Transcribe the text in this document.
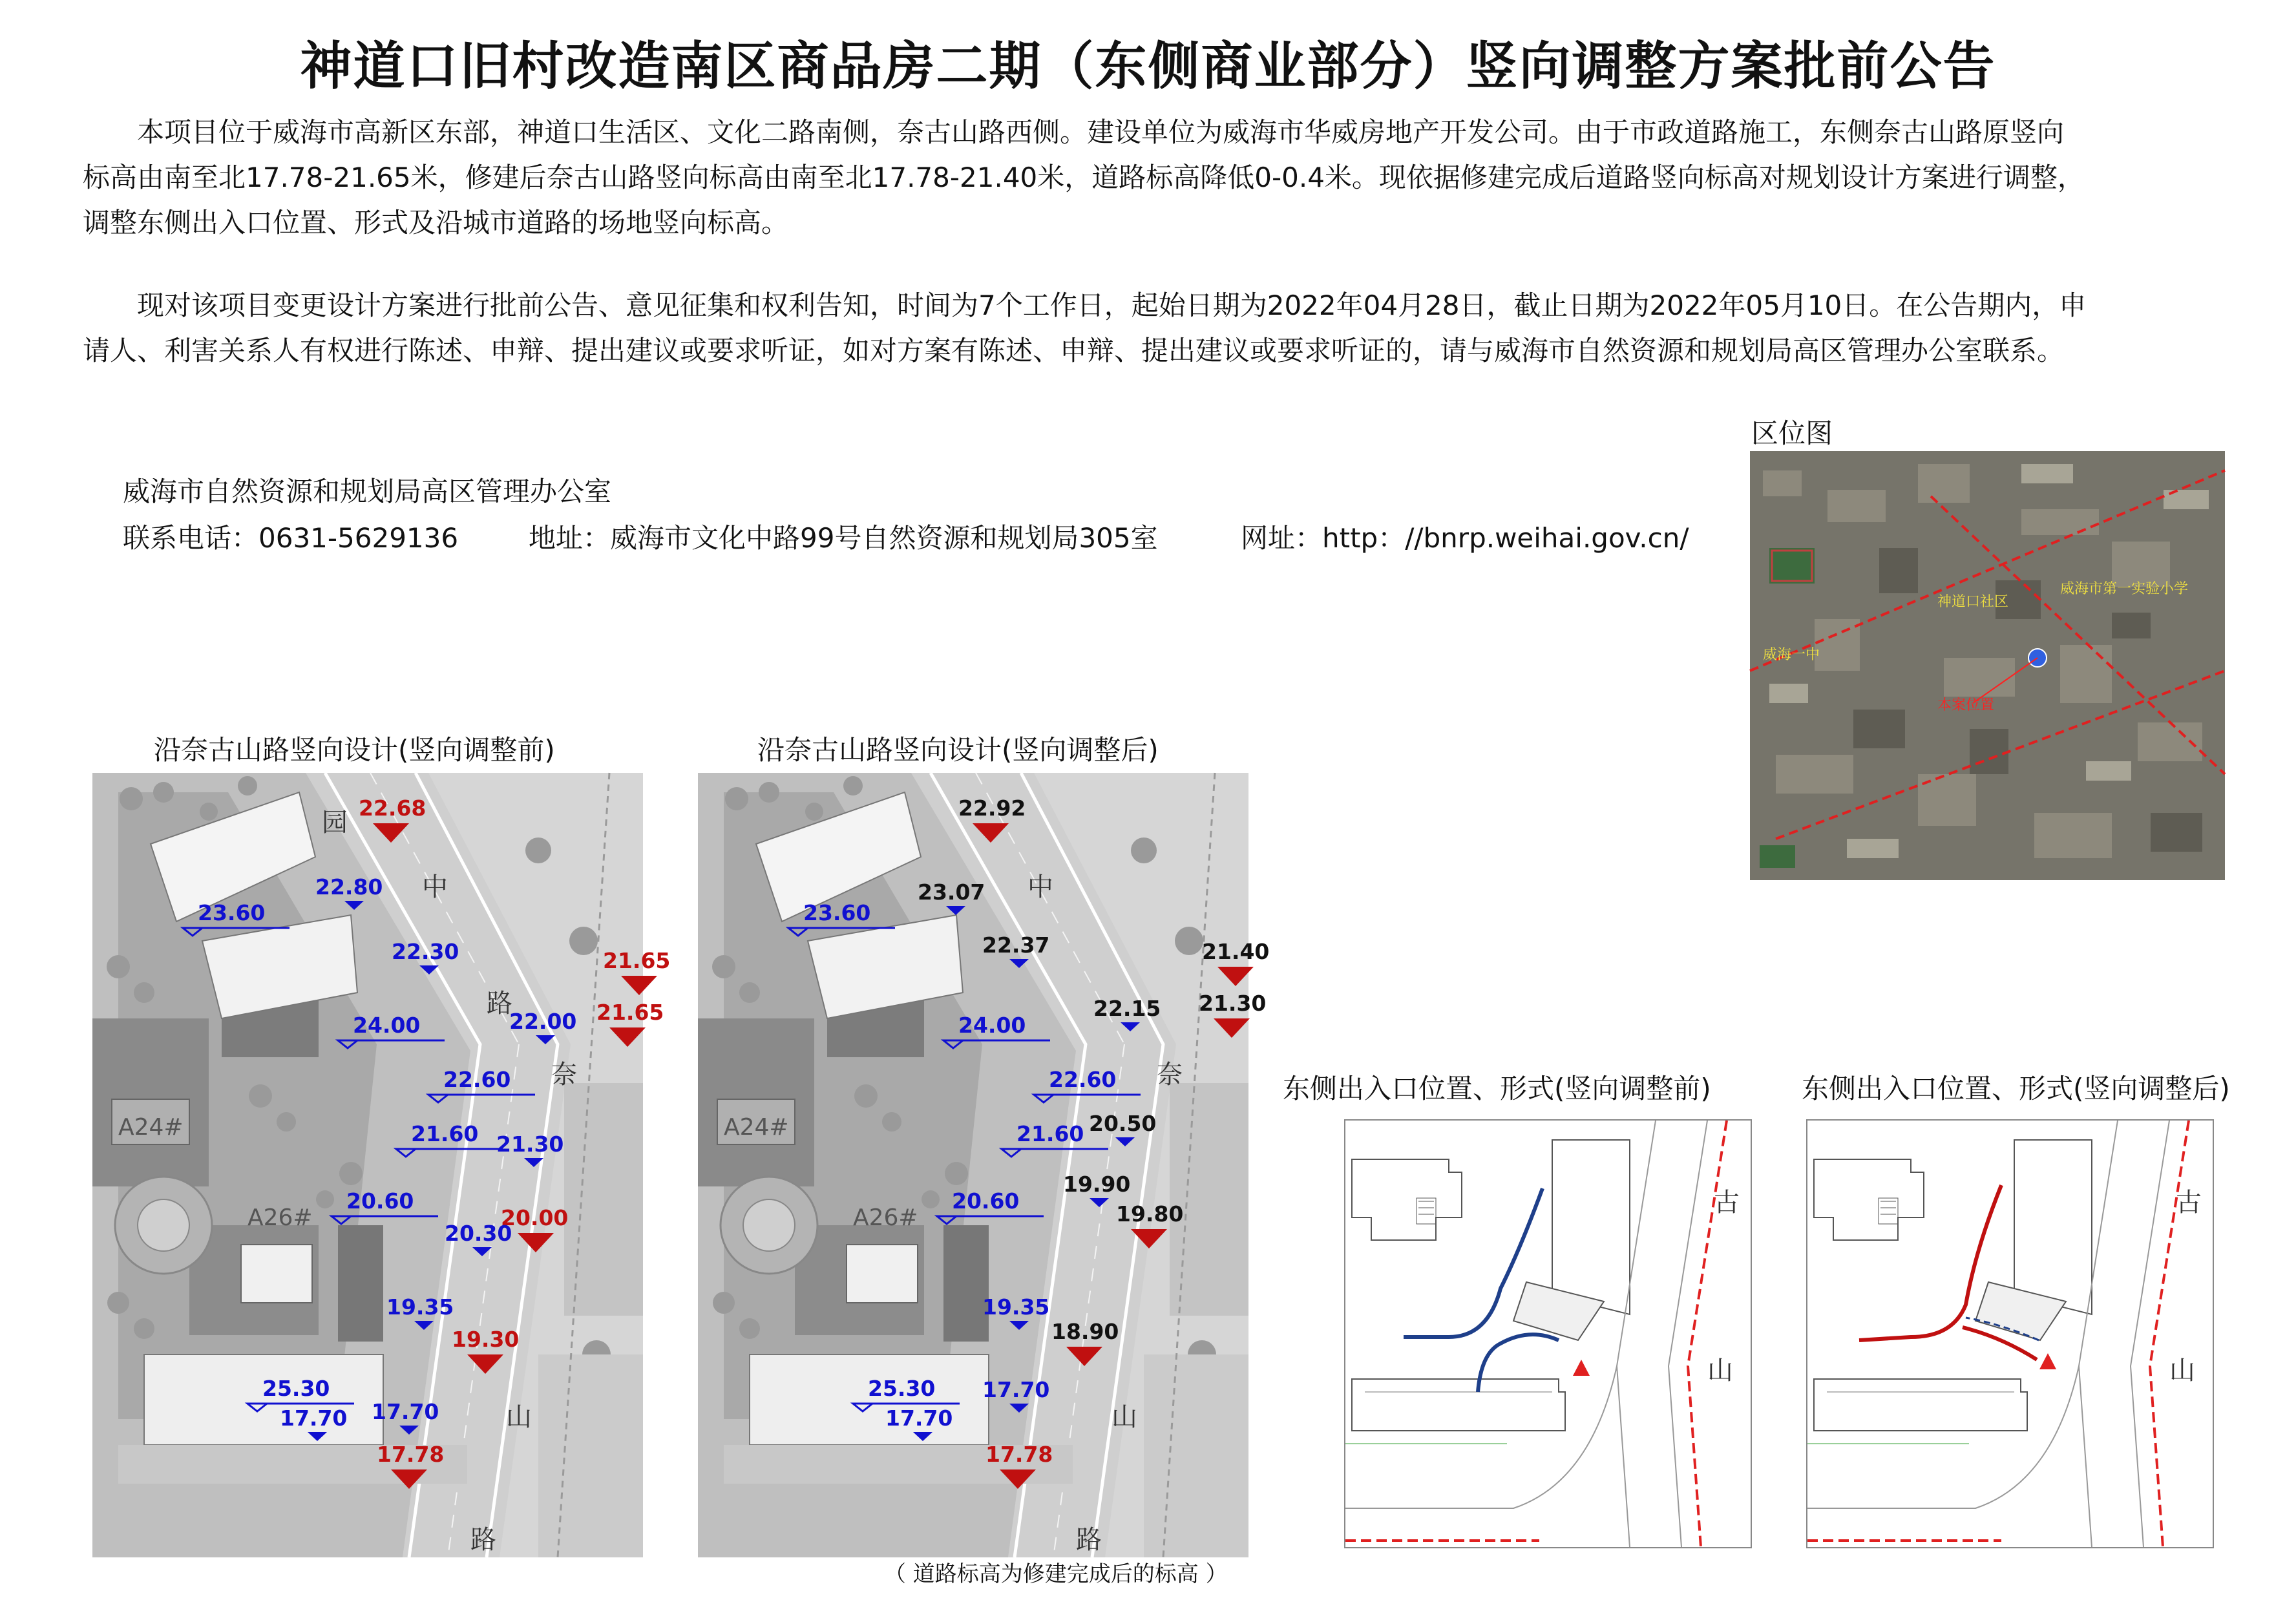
神道口旧村改造南区商品房二期（东侧商业部分）竖向调整方案批前公告
本项目位于威海市高新区东部，神道口生活区、文化二路南侧，奈古山路西侧。建设单位为威海市华威房地产开发公司。由于市政道路施工，东侧奈古山路原竖向
标高由南至北17.78-21.65米，修建后奈古山路竖向标高由南至北17.78-21.40米，道路标高降低0-0.4米。现依据修建完成后道路竖向标高对规划设计方案进行调整，
调整东侧出入口位置、形式及沿城市道路的场地竖向标高。
现对该项目变更设计方案进行批前公告、意见征集和权利告知，时间为7个工作日，起始日期为2022年04月28日，截止日期为2022年05月10日。在公告期内，申
请人、利害关系人有权进行陈述、申辩、提出建议或要求听证，如对方案有陈述、申辩、提出建议或要求听证的，请与威海市自然资源和规划局高区管理办公室联系。
威海市自然资源和规划局高区管理办公室
联系电话：0631-5629136	地址：威海市文化中路99号自然资源和规划局305室	网址：http：//bnrp.weihai.gov.cn/
区位图
威海一中
神道口社区
本案位置
威海市第一实验小学
沿奈古山路竖向设计(竖向调整前)
园
中
路
奈
山
路
A24#
A26#
22.68
21.65
21.65
20.00
19.30
17.78
22.80
22.30
22.00
21.30
20.30
19.35
17.70
17.70
23.60
24.00
22.60
21.60
20.60
25.30
沿奈古山路竖向设计(竖向调整后)
中
奈
山
路
A24#
A26#
22.92
21.40
21.30
19.80
18.90
17.78
23.07
22.37
22.15
20.50
19.90
19.35
17.70
17.70
23.60
24.00
22.60
21.60
20.60
25.30
（ 道路标高为修建完成后的标高 ）
东侧出入口位置、形式(竖向调整前)
古
山
东侧出入口位置、形式(竖向调整后)
古
山
